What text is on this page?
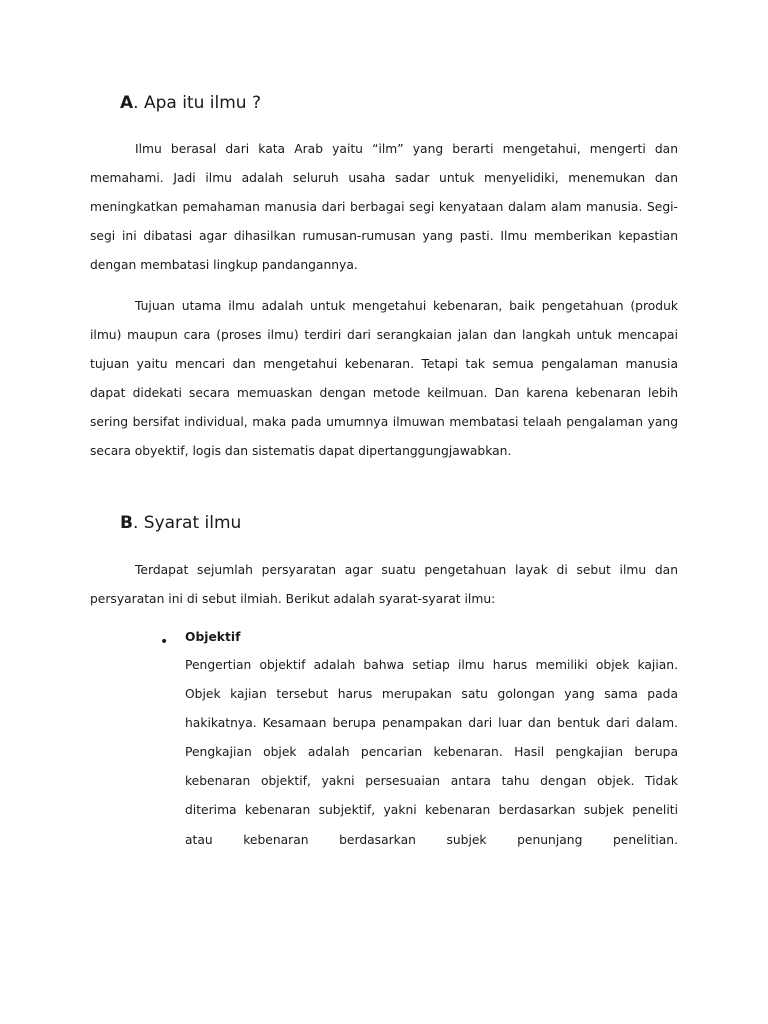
A. Apa itu ilmu ?

Ilmu berasal dari kata Arab yaitu “ilm” yang berarti mengetahui, mengerti dan memahami. Jadi ilmu adalah seluruh usaha sadar untuk menyelidiki, menemukan dan meningkatkan pemahaman manusia dari berbagai segi kenyataan dalam alam manusia. Segi-segi ini dibatasi agar dihasilkan rumusan-rumusan yang pasti. Ilmu memberikan kepastian dengan membatasi lingkup pandangannya.

Tujuan utama ilmu adalah untuk mengetahui kebenaran, baik pengetahuan (produk ilmu) maupun cara (proses ilmu) terdiri dari serangkaian jalan dan langkah untuk mencapai tujuan yaitu mencari dan mengetahui kebenaran. Tetapi tak semua pengalaman manusia dapat didekati secara memuaskan dengan metode keilmuan. Dan karena kebenaran lebih sering bersifat individual, maka pada umumnya ilmuwan membatasi telaah pengalaman yang secara obyektif, logis dan sistematis dapat dipertanggungjawabkan.

B. Syarat ilmu

Terdapat sejumlah persyaratan agar suatu pengetahuan layak di sebut ilmu dan persyaratan ini di sebut ilmiah. Berikut adalah syarat-syarat ilmu:

• Objektif

Pengertian objektif adalah bahwa setiap ilmu harus memiliki objek kajian. Objek kajian tersebut harus merupakan satu golongan yang sama pada hakikatnya. Kesamaan berupa penampakan dari luar dan bentuk dari dalam. Pengkajian objek adalah pencarian kebenaran. Hasil pengkajian berupa kebenaran objektif, yakni persesuaian antara tahu dengan objek. Tidak diterima kebenaran subjektif, yakni kebenaran berdasarkan subjek peneliti atau kebenaran berdasarkan subjek penunjang penelitian.
